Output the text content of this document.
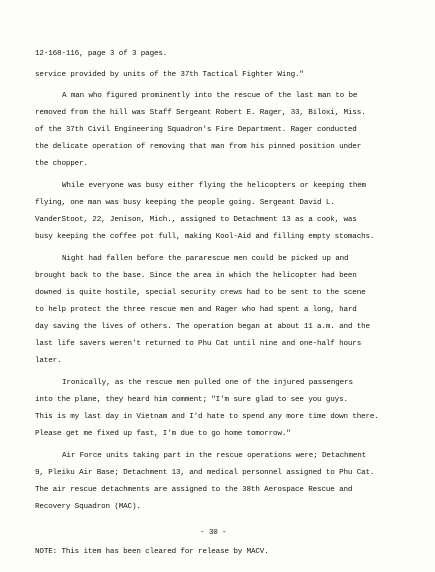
12-168-116, page 3 of 3 pages.
service provided by units of the 37th Tactical Fighter Wing."
A man who figured prominently into the rescue of the last man to be
removed from the hill was Staff Sergeant Robert E. Rager, 33, Biloxi, Miss.
of the 37th Civil Engineering Squadron's Fire Department. Rager conducted
the delicate operation of removing that man from his pinned position under
the chopper.
While everyone was busy either flying the helicopters or keeping them
flying, one man was busy keeping the people going. Sergeant David L.
VanderStoot, 22, Jenison, Mich., assigned to Detachment 13 as a cook, was
busy keeping the coffee pot full, making Kool-Aid and filling empty stomachs.
Night had fallen before the pararescue men could be picked up and
brought back to the base. Since the area in which the helicopter had been
downed is quite hostile, special security crews had to be sent to the scene
to help protect the three rescue men and Rager who had spent a long, hard
day saving the lives of others. The operation began at about 11 a.m. and the
last life savers weren't returned to Phu Cat until nine and one-half hours
later.
Ironically, as the rescue men pulled one of the injured passengers
into the plane, they heard him comment; "I'm sure glad to see you guys.
This is my last day in Vietnam and I'd hate to spend any more time down there.
Please get me fixed up fast, I'm due to go home tomorrow."
Air Force units taking part in the rescue operations were; Detachment
9, Pleiku Air Base; Detachment 13, and medical personnel assigned to Phu Cat.
The air rescue detachments are assigned to the 38th Aerospace Rescue and
Recovery Squadron (MAC).
- 30 -
NOTE: This item has been cleared for release by MACV.
